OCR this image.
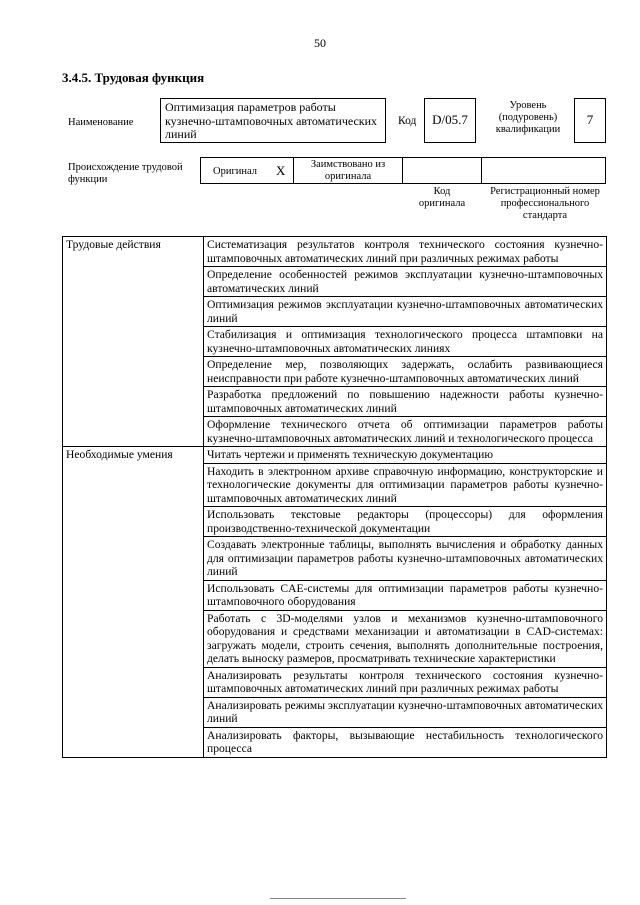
50
3.4.5. Трудовая функция
Наименование
Оптимизация параметров работы кузнечно-штамповочных автоматических линий
Код	D/05.7
Уровень (подуровень) квалификации
7
Происхождение трудовой функции
Оригинал X	Заимствовано из оригинала
Код оригинала
Регистрационный номер профессионального стандарта
Трудовые действия	Систематизация результатов контроля технического состояния кузнечно-штамповочных автоматических линий при различных режимах работы
	Определение особенностей режимов эксплуатации кузнечно-штамповочных автоматических линий
	Оптимизация режимов эксплуатации кузнечно-штамповочных автоматических линий
	Стабилизация и оптимизация технологического процесса штамповки на кузнечно-штамповочных автоматических линиях
	Определение мер, позволяющих задержать, ослабить развивающиеся неисправности при работе кузнечно-штамповочных автоматических линий
	Разработка предложений по повышению надежности работы кузнечно-штамповочных автоматических линий
	Оформление технического отчета об оптимизации параметров работы кузнечно-штамповочных автоматических линий и технологического процесса
Необходимые умения	Читать чертежи и применять техническую документацию
	Находить в электронном архиве справочную информацию, конструкторские и технологические документы для оптимизации параметров работы кузнечно-штамповочных автоматических линий
	Использовать текстовые редакторы (процессоры) для оформления производственно-технической документации
	Создавать электронные таблицы, выполнять вычисления и обработку данных для оптимизации параметров работы кузнечно-штамповочных автоматических линий
	Использовать CAE-системы для оптимизации параметров работы кузнечно-штамповочного оборудования
	Работать с 3D-моделями узлов и механизмов кузнечно-штамповочного оборудования и средствами механизации и автоматизации в CAD-системах: загружать модели, строить сечения, выполнять дополнительные построения, делать выноску размеров, просматривать технические характеристики
	Анализировать результаты контроля технического состояния кузнечно-штамповочных автоматических линий при различных режимах работы
	Анализировать режимы эксплуатации кузнечно-штамповочных автоматических линий
	Анализировать факторы, вызывающие нестабильность технологического процесса
